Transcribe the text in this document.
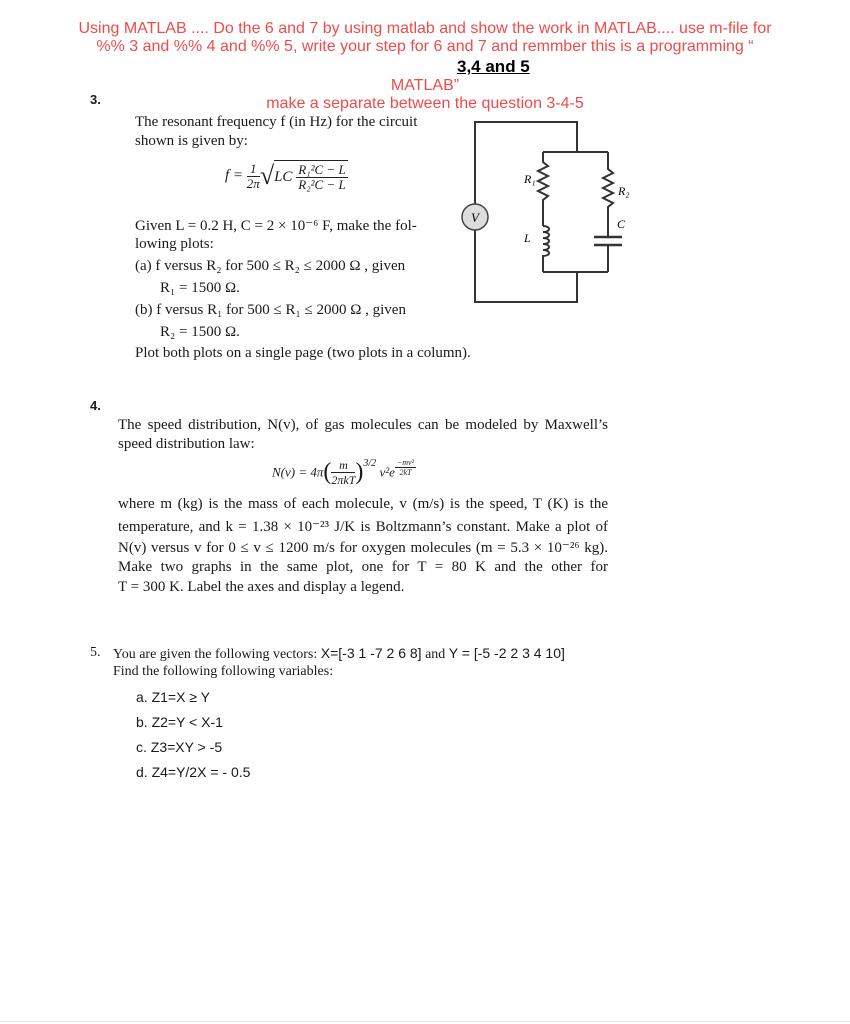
Using MATLAB .... Do the 6 and 7 by using matlab and show the work in MATLAB.... use m-file for
%% 3 and %% 4 and %% 5, write your step for 6 and 7 and remmber this is a programming “
3,4 and 5
MATLAB”
make a separate between the question 3-4-5
3.
The resonant frequency f (in Hz) for the circuit
shown is given by:
$f = \frac{1}{2\pi} √LC \frac{\text{R₁²C − L}}{\text{R₂²C − L}}$
Given L = 0.2 H, C = 2 × 10⁻⁶ F, make the fol-
lowing plots:
(a) f versus R₂ for 500 ≤ R₂ ≤ 2000 Ω , given
R₁ = 1500 Ω.
(b) f versus R₁ for 500 ≤ R₁ ≤ 2000 Ω , given
R₂ = 1500 Ω.
Plot both plots on a single page (two plots in a column).
V
R₁
R₂
L
C
4.
The speed distribution, N(v), of gas molecules can be modeled by Maxwell’s
speed distribution law:
$N(v) = 4\pi( \frac{m}{\text{2πkT}} )^{3/2}$ $v^2e \frac{\text{−mv²}}{2kT}$
where m (kg) is the mass of each molecule, v (m/s) is the speed, T (K) is the
temperature, and k = 1.38 × 10⁻²³ J/K is Boltzmann’s constant. Make a plot of
N(v) versus v for 0 ≤ v ≤ 1200 m/s for oxygen molecules (m = 5.3 × 10⁻²⁶ kg).
Make two graphs in the same plot, one for T = 80 K and the other for
T = 300 K. Label the axes and display a legend.
5. You are given the following vectors: X=[-3 1 -7 2 6 8] and Y = [-5 -2 2 3 4 10]
Find the following following variables:
a. Z1=X ≥ Y
b. Z2=Y < X-1
c. Z3=XY > -5
d. Z4=Y/2X = - 0.5
